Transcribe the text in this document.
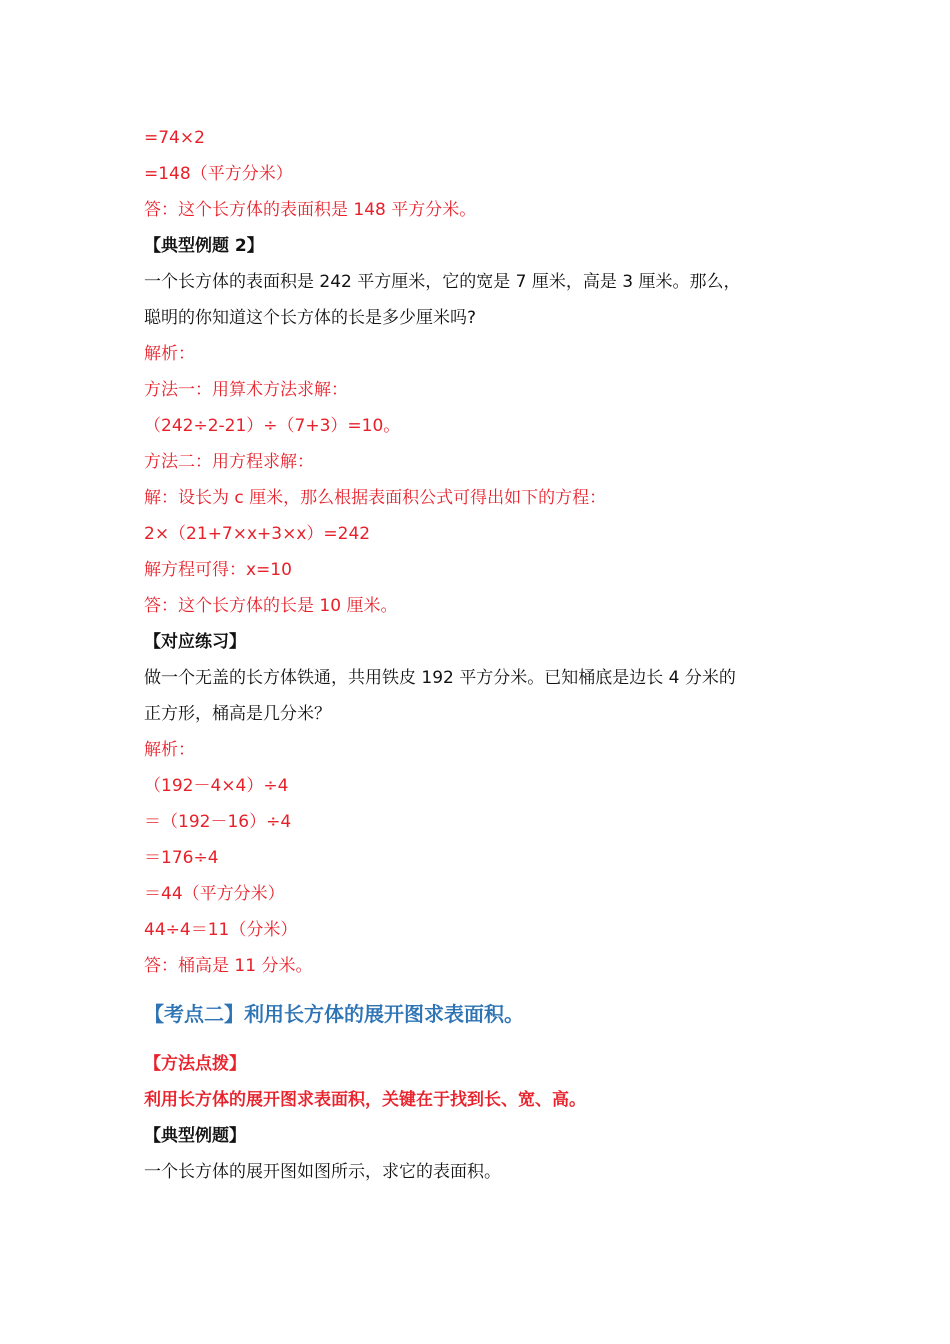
=74×2
=148（平方分米）
答：这个长方体的表面积是 148 平方分米。
【典型例题 2】
一个长方体的表面积是 242 平方厘米，它的宽是 7 厘米，高是 3 厘米。那么，
聪明的你知道这个长方体的长是多少厘米吗?
解析：
方法一：用算术方法求解：
（242÷2-21）÷（7+3）=10。
方法二：用方程求解：
解：设长为 c 厘米，那么根据表面积公式可得出如下的方程：
2×（21+7×x+3×x）=242
解方程可得：x=10
答：这个长方体的长是 10 厘米。
【对应练习】
做一个无盖的长方体铁通，共用铁皮 192 平方分米。已知桶底是边长 4 分米的
正方形，桶高是几分米？
解析：
（192－4×4）÷4
＝（192－16）÷4
＝176÷4
＝44（平方分米）
44÷4＝11（分米）
答：桶高是 11 分米。
【考点二】利用长方体的展开图求表面积。
【方法点拨】
利用长方体的展开图求表面积，关键在于找到长、宽、高。
【典型例题】
一个长方体的展开图如图所示，求它的表面积。
